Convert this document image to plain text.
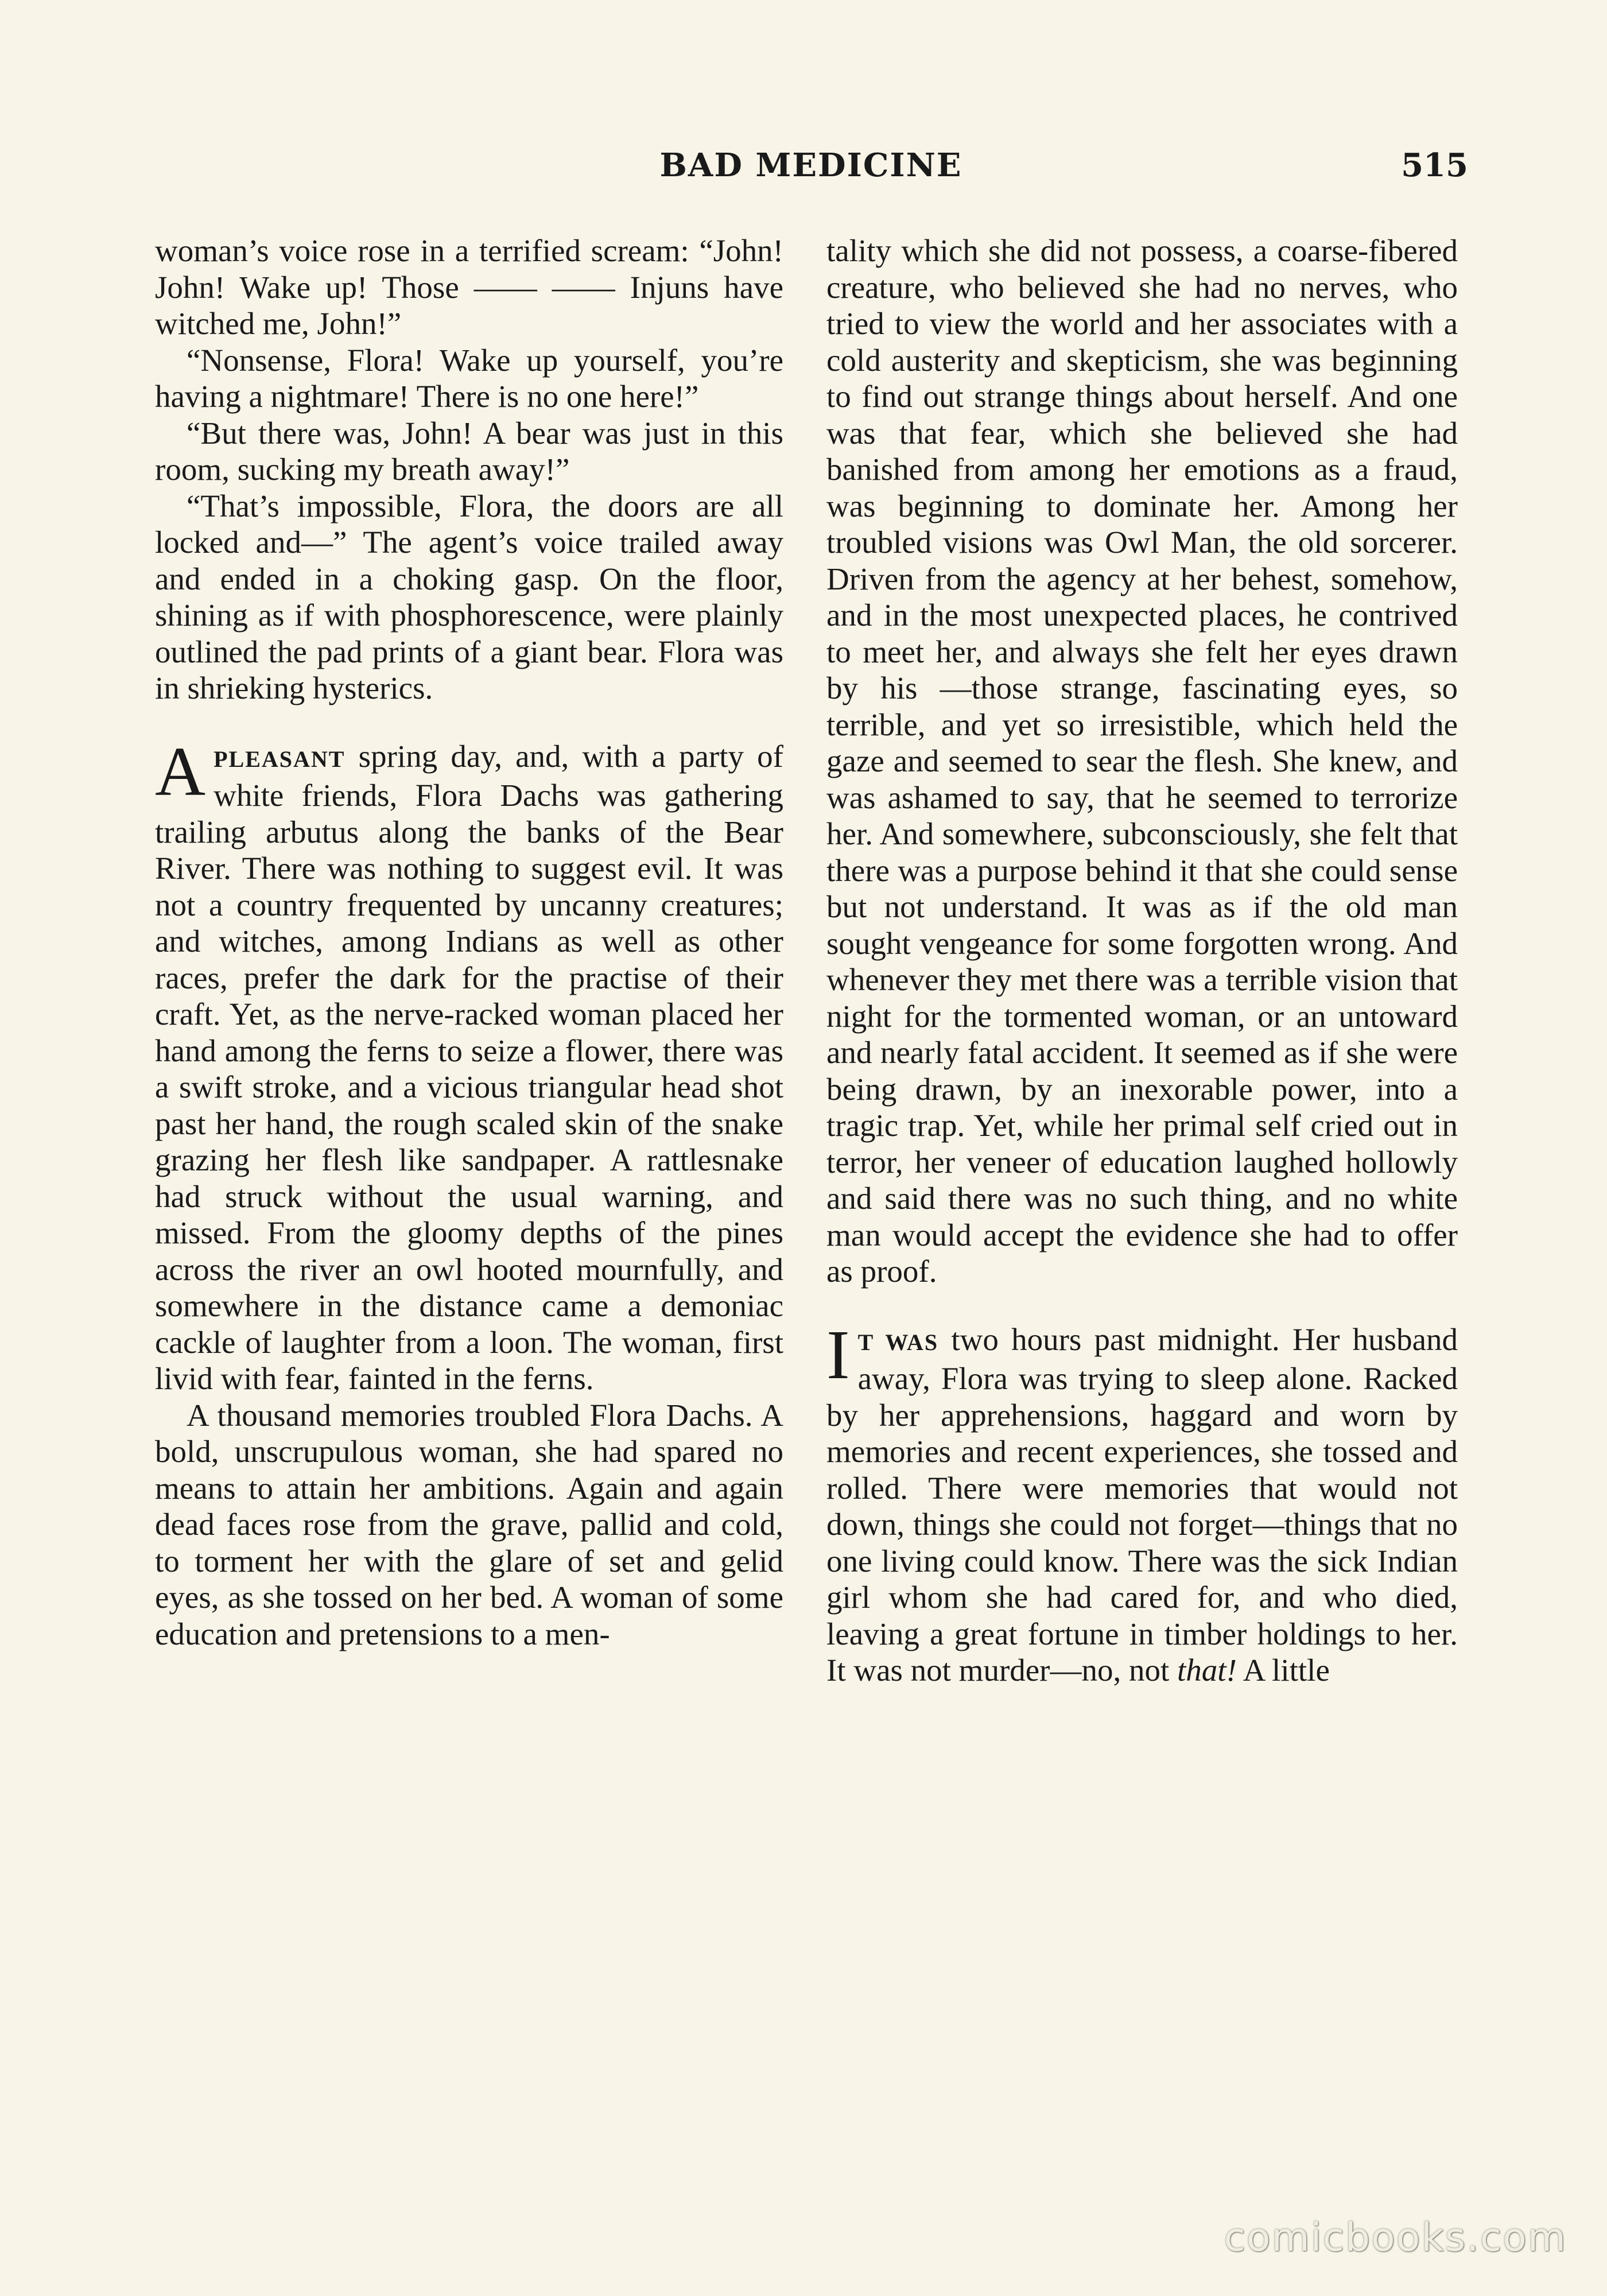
BAD MEDICINE	515

woman’s voice rose in a terrified scream: “John! John! Wake up! Those —— —— Injuns have witched me, John!”

“Nonsense, Flora! Wake up yourself, you’re having a nightmare! There is no one here!”

“But there was, John! A bear was just in this room, sucking my breath away!”

“That’s impossible, Flora, the doors are all locked and—” The agent’s voice trailed away and ended in a choking gasp. On the floor, shining as if with phosphorescence, were plainly outlined the pad prints of a giant bear. Flora was in shrieking hysterics.

APLEASANT spring day, and, with a party of white friends, Flora Dachs was gathering trailing arbutus along the banks of the Bear River. There was nothing to suggest evil. It was not a country frequented by uncanny creatures; and witches, among Indians as well as other races, prefer the dark for the practise of their craft. Yet, as the nerve-racked woman placed her hand among the ferns to seize a flower, there was a swift stroke, and a vicious triangular head shot past her hand, the rough scaled skin of the snake grazing her flesh like sandpaper. A rattlesnake had struck without the usual warning, and missed. From the gloomy depths of the pines across the river an owl hooted mournfully, and somewhere in the distance came a demoniac cackle of laughter from a loon. The woman, first livid with fear, fainted in the ferns.

A thousand memories troubled Flora Dachs. A bold, unscrupulous woman, she had spared no means to attain her ambitions. Again and again dead faces rose from the grave, pallid and cold, to torment her with the glare of set and gelid eyes, as she tossed on her bed. A woman of some education and pretensions to a men-

tality which she did not possess, a coarse-fibered creature, who believed she had no nerves, who tried to view the world and her associates with a cold austerity and skepticism, she was beginning to find out strange things about herself. And one was that fear, which she believed she had banished from among her emotions as a fraud, was beginning to dominate her. Among her troubled visions was Owl Man, the old sorcerer. Driven from the agency at her behest, somehow, and in the most unexpected places, he contrived to meet her, and always she felt her eyes drawn by his —those strange, fascinating eyes, so terrible, and yet so irresistible, which held the gaze and seemed to sear the flesh. She knew, and was ashamed to say, that he seemed to terrorize her. And somewhere, subconsciously, she felt that there was a purpose behind it that she could sense but not understand. It was as if the old man sought vengeance for some forgotten wrong. And whenever they met there was a terrible vision that night for the tormented woman, or an untoward and nearly fatal accident. It seemed as if she were being drawn, by an inexorable power, into a tragic trap. Yet, while her primal self cried out in terror, her veneer of education laughed hollowly and said there was no such thing, and no white man would accept the evidence she had to offer as proof.

I T WAS two hours past midnight. Her husband away, Flora was trying to sleep alone. Racked by her apprehensions, haggard and worn by memories and recent experiences, she tossed and rolled. There were memories that would not down, things she could not forget—things that no one living could know. There was the sick Indian girl whom she had cared for, and who died, leaving a great fortune in timber holdings to her. It was not murder—no, not that! A little

comicbooks.com
